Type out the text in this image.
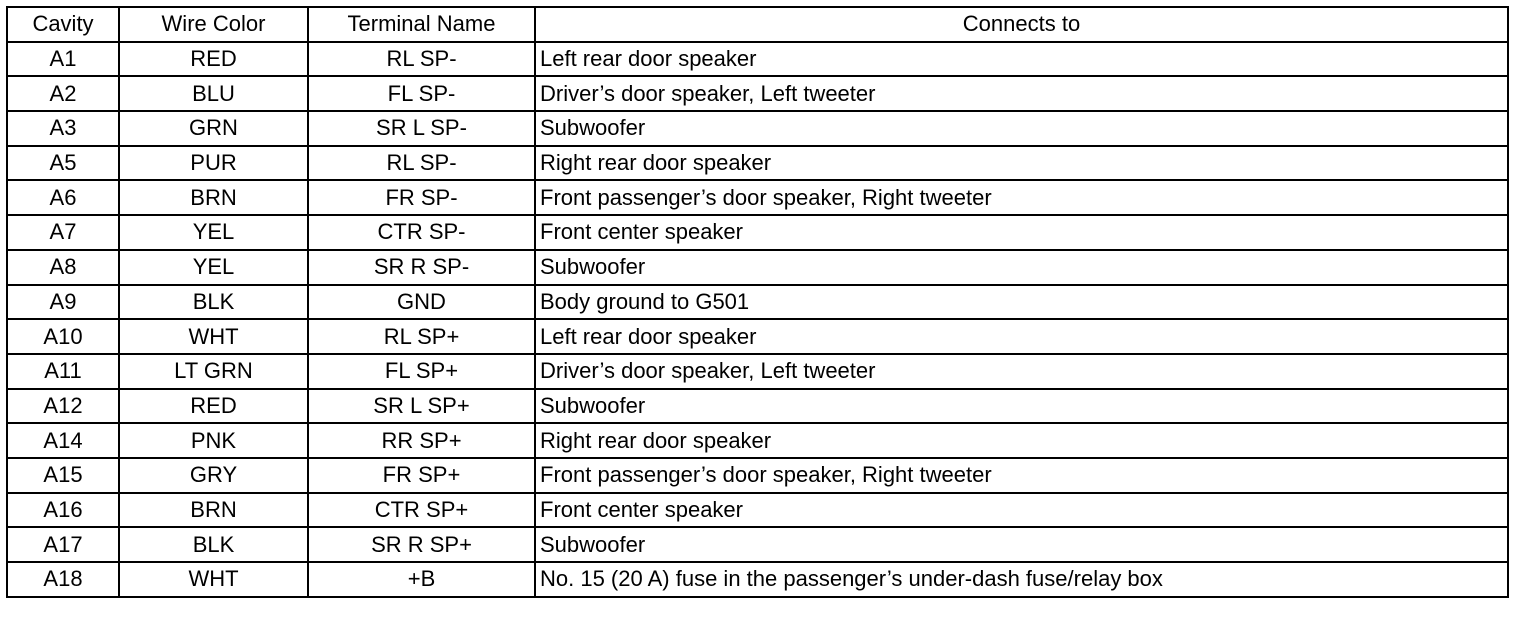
Cavity	Wire Color	Terminal Name	Connects to
A1	RED	RL SP-	Left rear door speaker
A2	BLU	FL SP-	Driver’s door speaker, Left tweeter
A3	GRN	SR L SP-	Subwoofer
A5	PUR	RL SP-	Right rear door speaker
A6	BRN	FR SP-	Front passenger’s door speaker, Right tweeter
A7	YEL	CTR SP-	Front center speaker
A8	YEL	SR R SP-	Subwoofer
A9	BLK	GND	Body ground to G501
A10	WHT	RL SP+	Left rear door speaker
A11	LT GRN	FL SP+	Driver’s door speaker, Left tweeter
A12	RED	SR L SP+	Subwoofer
A14	PNK	RR SP+	Right rear door speaker
A15	GRY	FR SP+	Front passenger’s door speaker, Right tweeter
A16	BRN	CTR SP+	Front center speaker
A17	BLK	SR R SP+	Subwoofer
A18	WHT	+B	No. 15 (20 A) fuse in the passenger’s under-dash fuse/relay box
